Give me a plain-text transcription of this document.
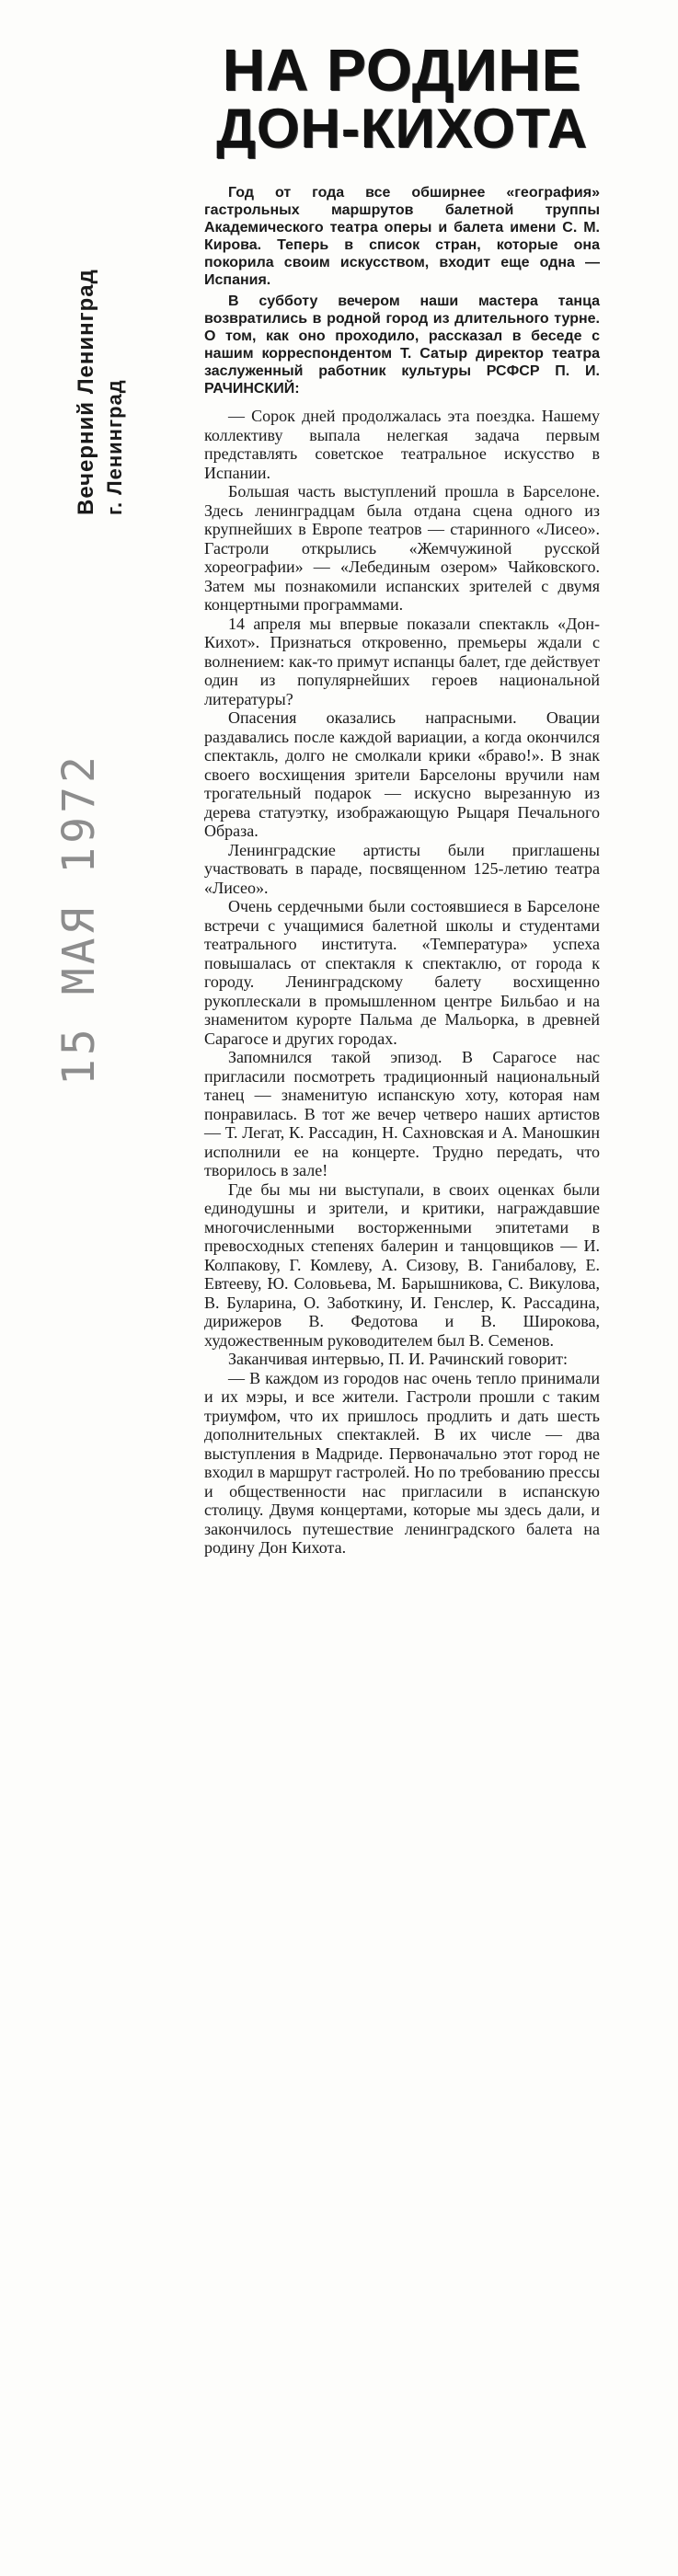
Вечерний Ленинград г. Ленинград
15 МАЯ 1972
НА РОДИНЕ
ДОН-КИХОТА

Год от года все обширнее «география» гастрольных маршрутов балетной труппы Академического театра оперы и балета имени С. М. Кирова. Теперь в список стран, которые она покорила своим искусством, входит еще одна — Испания.

В субботу вечером наши мастера танца возвратились в родной город из длительного турне. О том, как оно проходило, рассказал в беседе с нашим корреспондентом Т. Сатыр директор театра заслуженный работник культуры РСФСР П. И. РАЧИНСКИЙ:

— Сорок дней продолжалась эта поездка. Нашему коллективу выпала нелегкая задача первым представлять советское театральное искусство в Испании.

Большая часть выступлений прошла в Барселоне. Здесь ленинградцам была отдана сцена одного из крупнейших в Европе театров — старинного «Лисео». Гастроли открылись «Жемчужиной русской хореографии» — «Лебединым озером» Чайковского. Затем мы познакомили испанских зрителей с двумя концертными программами.

14 апреля мы впервые показали спектакль «Дон-Кихот». Признаться откровенно, премьеры ждали с волнением: как-то примут испанцы балет, где действует один из популярнейших героев национальной литературы?

Опасения оказались напрасными. Овации раздавались после каждой вариации, а когда окончился спектакль, долго не смолкали крики «браво!». В знак своего восхищения зрители Барселоны вручили нам трогательный подарок — искусно вырезанную из дерева статуэтку, изображающую Рыцаря Печального Образа.

Ленинградские артисты были приглашены участвовать в параде, посвященном 125-летию театра «Лисео».

Очень сердечными были состоявшиеся в Барселоне встречи с учащимися балетной школы и студентами театрального института. «Температура» успеха повышалась от спектакля к спектаклю, от города к городу. Ленинградскому балету восхищенно рукоплескали в промышленном центре Бильбао и на знаменитом курорте Пальма де Мальорка, в древней Сарагосе и других городах.

Запомнился такой эпизод. В Сарагосе нас пригласили посмотреть традиционный национальный танец — знаменитую испанскую хоту, которая нам понравилась. В тот же вечер четверо наших артистов — Т. Легат, К. Рассадин, Н. Сахновская и А. Маношкин исполнили ее на концерте. Трудно передать, что творилось в зале!

Где бы мы ни выступали, в своих оценках были единодушны и зрители, и критики, награждавшие многочисленными восторженными эпитетами в превосходных степенях балерин и танцовщиков — И. Колпакову, Г. Комлеву, А. Сизову, В. Ганибалову, Е. Евтееву, Ю. Соловьева, М. Барышникова, С. Викулова, В. Буларина, О. Заботкину, И. Генслер, К. Рассадина, дирижеров В. Федотова и В. Широкова, художественным руководителем был В. Семенов.

Заканчивая интервью, П. И. Рачинский говорит:

— В каждом из городов нас очень тепло принимали и их мэры, и все жители. Гастроли прошли с таким триумфом, что их пришлось продлить и дать шесть дополнительных спектаклей. В их числе — два выступления в Мадриде. Первоначально этот город не входил в маршрут гастролей. Но по требованию прессы и общественности нас пригласили в испанскую столицу. Двумя концертами, которые мы здесь дали, и закончилось путешествие ленинградского балета на родину Дон Кихота.
